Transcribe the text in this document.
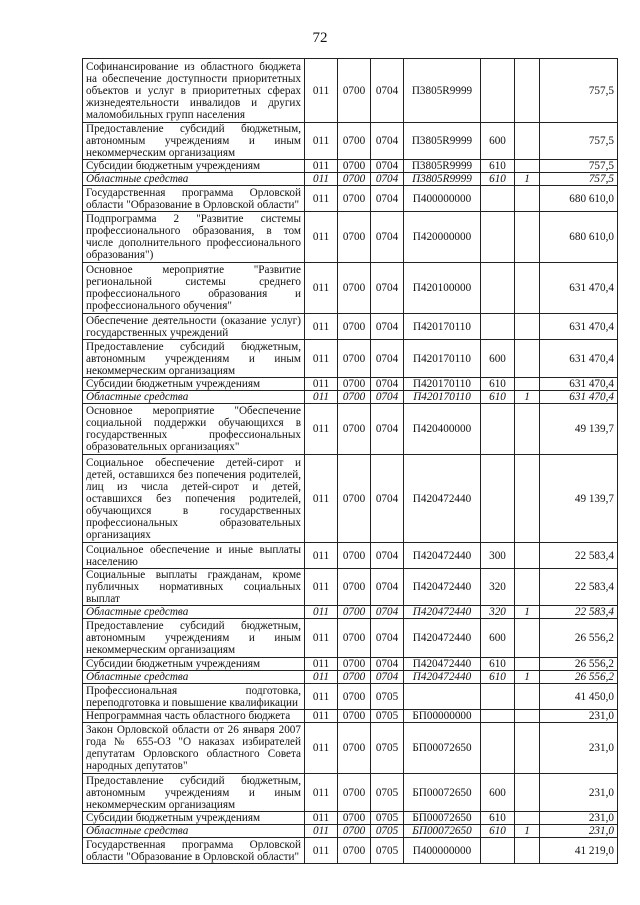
72
Софинансирование из областного бюджета на обеспечение доступности приоритетных объектов и услуг в приоритетных сферах жизнедеятельности инвалидов и других маломобильных групп населения	011	0700	0704	П3805R9999			757,5
Предоставление субсидий бюджетным, автономным учреждениям и иным некоммерческим организациям	011	0700	0704	П3805R9999	600		757,5
Субсидии бюджетным учреждениям	011	0700	0704	П3805R9999	610		757,5
Областные средства	011	0700	0704	П3805R9999	610	1	757,5
Государственная программа Орловской области "Образование в Орловской области"	011	0700	0704	П400000000			680 610,0
Подпрограмма 2 "Развитие системы профессионального образования, в том числе дополнительного профессионального образования")	011	0700	0704	П420000000			680 610,0
Основное мероприятие "Развитие региональной системы среднего профессионального образования и профессионального обучения"	011	0700	0704	П420100000			631 470,4
Обеспечение деятельности (оказание услуг) государственных учреждений	011	0700	0704	П420170110			631 470,4
Предоставление субсидий бюджетным, автономным учреждениям и иным некоммерческим организациям	011	0700	0704	П420170110	600		631 470,4
Субсидии бюджетным учреждениям	011	0700	0704	П420170110	610		631 470,4
Областные средства	011	0700	0704	П420170110	610	1	631 470,4
Основное мероприятие "Обеспечение социальной поддержки обучающихся в государственных профессиональных образовательных организациях"	011	0700	0704	П420400000			49 139,7
Социальное обеспечение детей-сирот и детей, оставшихся без попечения родителей, лиц из числа детей-сирот и детей, оставшихся без попечения родителей, обучающихся в государственных профессиональных образовательных организациях	011	0700	0704	П420472440			49 139,7
Социальное обеспечение и иные выплаты населению	011	0700	0704	П420472440	300		22 583,4
Социальные выплаты гражданам, кроме публичных нормативных социальных выплат	011	0700	0704	П420472440	320		22 583,4
Областные средства	011	0700	0704	П420472440	320	1	22 583,4
Предоставление субсидий бюджетным, автономным учреждениям и иным некоммерческим организациям	011	0700	0704	П420472440	600		26 556,2
Субсидии бюджетным учреждениям	011	0700	0704	П420472440	610		26 556,2
Областные средства	011	0700	0704	П420472440	610	1	26 556,2
Профессиональная подготовка, переподготовка и повышение квалификации	011	0700	0705				41 450,0
Непрограммная часть областного бюджета	011	0700	0705	БП00000000			231,0
Закон Орловской области от 26 января 2007 года № 655-ОЗ "О наказах избирателей депутатам Орловского областного Совета народных депутатов"	011	0700	0705	БП00072650			231,0
Предоставление субсидий бюджетным, автономным учреждениям и иным некоммерческим организациям	011	0700	0705	БП00072650	600		231,0
Субсидии бюджетным учреждениям	011	0700	0705	БП00072650	610		231,0
Областные средства	011	0700	0705	БП00072650	610	1	231,0
Государственная программа Орловской области "Образование в Орловской области"	011	0700	0705	П400000000			41 219,0
